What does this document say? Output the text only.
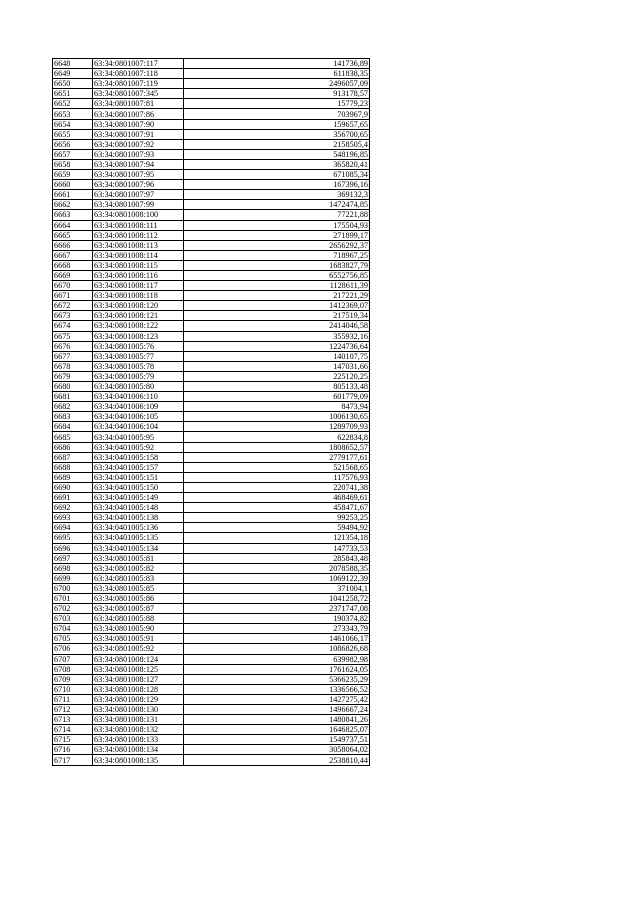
6648	63:34:0801007:117	141736,89
6649	63:34:0801007:118	611838,35
6650	63:34:0801007:119	2496057,09
6651	63:34:0801007:345	913178,57
6652	63:34:0801007:81	15779,23
6653	63:34:0801007:86	703967,9
6654	63:34:0801007:90	159657,65
6655	63:34:0801007:91	356700,65
6656	63:34:0801007:92	2158505,4
6657	63:34:0801007:93	548196,85
6658	63:34:0801007:94	365820,41
6659	63:34:0801007:95	671085,34
6660	63:34:0801007:96	167396,16
6661	63:34:0801007:97	369132,3
6662	63:34:0801007:99	1472474,85
6663	63:34:0801008:100	77221,88
6664	63:34:0801008:111	175504,93
6665	63:34:0801008:112	271899,17
6666	63:34:0801008:113	2656292,37
6667	63:34:0801008:114	718967,25
6668	63:34:0801008:115	1683827,79
6669	63:34:0801008:116	6552756,85
6670	63:34:0801008:117	1128611,39
6671	63:34:0801008:118	217221,29
6672	63:34:0801008:120	1412369,07
6673	63:34:0801008:121	217519,34
6674	63:34:0801008:122	2414046,58
6675	63:34:0801008:123	355932,16
6676	63:34:0801005:76	1224736,64
6677	63:34:0801005:77	140107,75
6678	63:34:0801005:78	147031,66
6679	63:34:0801005:79	225120,25
6680	63:34:0801005:80	805133,48
6681	63:34:0401006:110	601779,09
6682	63:34:0401006:109	8473,94
6683	63:34:0401006:105	1006130,65
6684	63:34:0401006:104	1289709,93
6685	63:34:0401005:95	622834,8
6686	63:34:0401005:92	1808652,57
6687	63:34:0401005:158	2779177,61
6688	63:34:0401005:157	521568,65
6689	63:34:0401005:151	117576,93
6690	63:34:0401005:150	220741,38
6691	63:34:0401005:149	468469,61
6692	63:34:0401005:148	458471,67
6693	63:34:0401005:138	99253,25
6694	63:34:0401005:136	59494,92
6695	63:34:0401005:135	121354,18
6696	63:34:0401005:134	147733,53
6697	63:34:0801005:81	285843,48
6698	63:34:0801005:82	2078588,35
6699	63:34:0801005:83	1069122,39
6700	63:34:0801005:85	371004,1
6701	63:34:0801005:86	1041258,72
6702	63:34:0801005:87	2371747,08
6703	63:34:0801005:88	190374,82
6704	63:34:0801005:90	273343,79
6705	63:34:0801005:91	1461066,17
6706	63:34:0801005:92	1086826,68
6707	63:34:0801008:124	639982,98
6708	63:34:0801008:125	1761624,05
6709	63:34:0801008:127	5366235,29
6710	63:34:0801008:128	1336566,52
6711	63:34:0801008:129	1427275,42
6712	63:34:0801008:130	1496667,24
6713	63:34:0801008:131	1480841,26
6714	63:34:0801008:132	1646825,07
6715	63:34:0801008:133	1549737,51
6716	63:34:0801008:134	3058064,02
6717	63:34:0801008:135	2538810,44
